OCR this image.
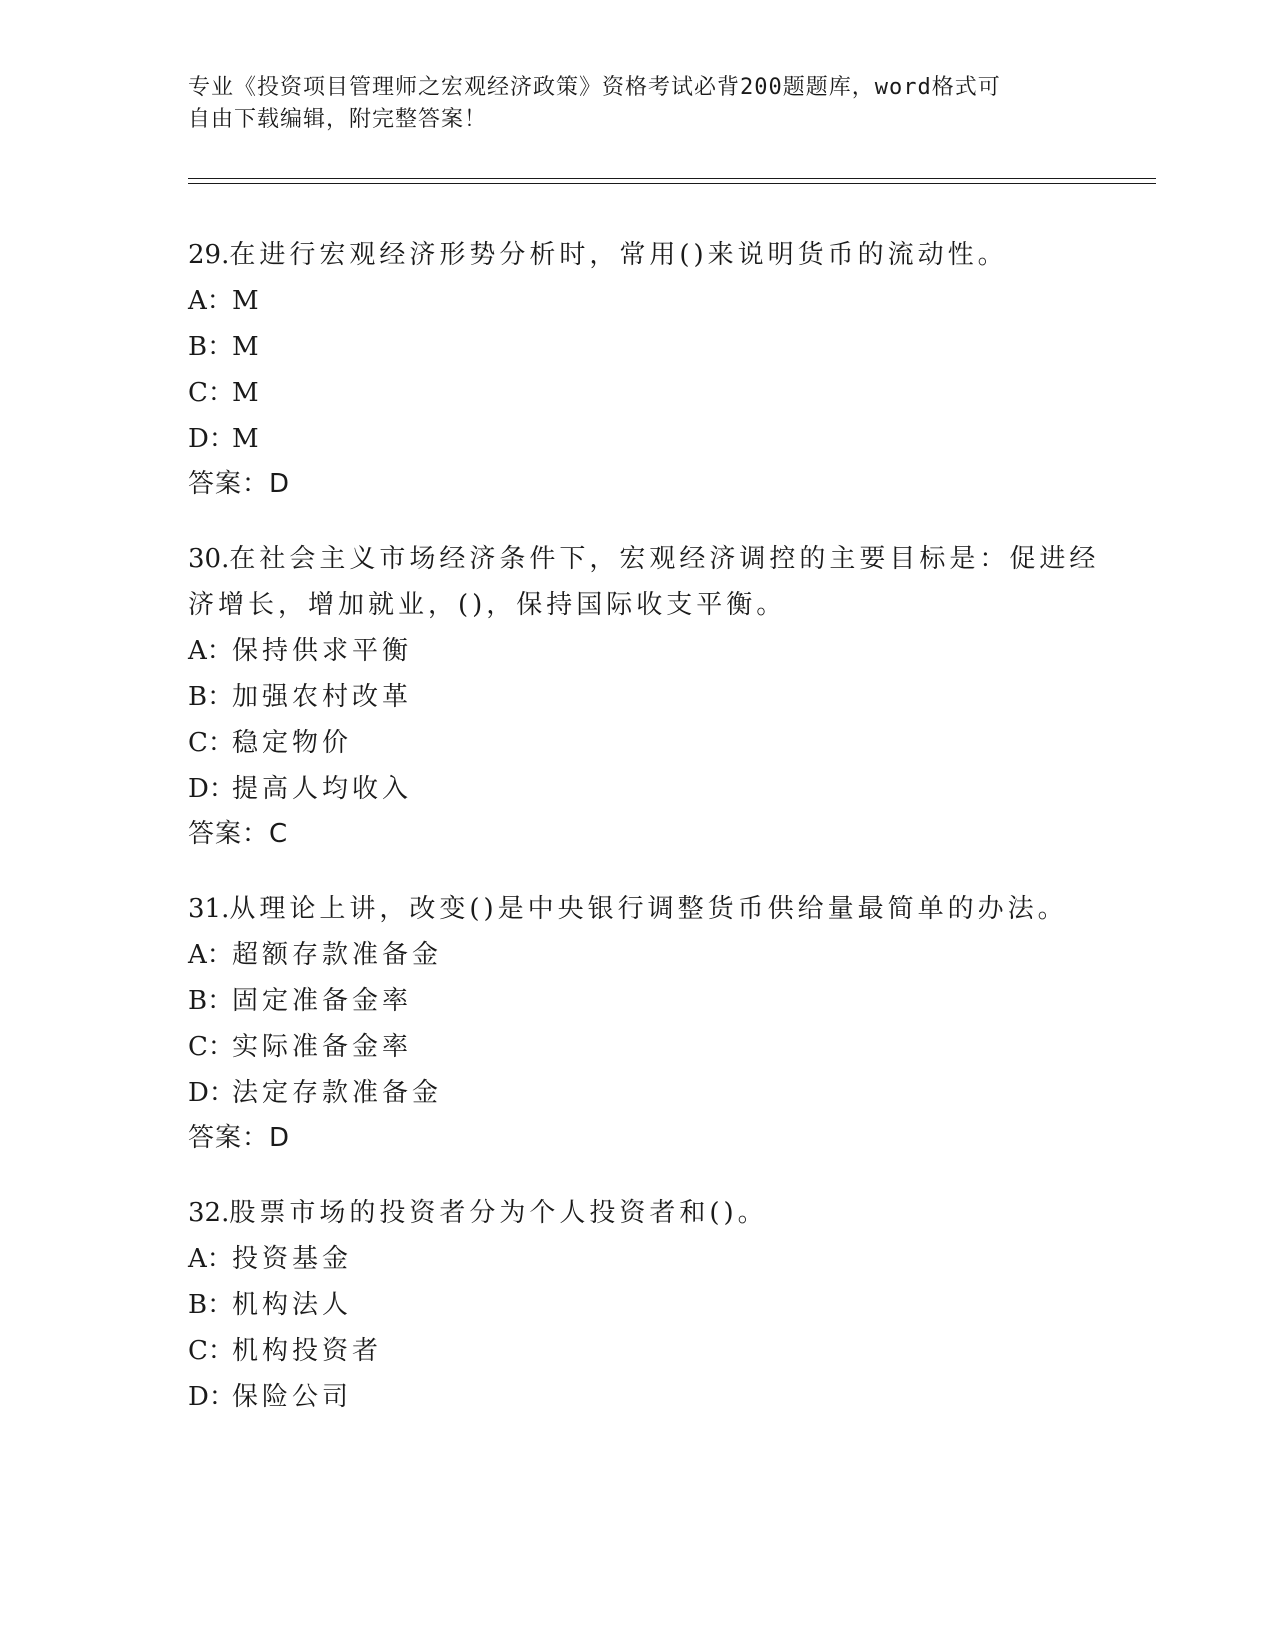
专业《投资项目管理师之宏观经济政策》资格考试必背200题题库，word格式可
自由下载编辑，附完整答案！
29.在进行宏观经济形势分析时，常用()来说明货币的流动性。
A：M
B：M
C：M
D：M
答案：D
30.在社会主义市场经济条件下，宏观经济调控的主要目标是：促进经
济增长，增加就业，()，保持国际收支平衡。
A：保持供求平衡
B：加强农村改革
C：稳定物价
D：提高人均收入
答案：C
31.从理论上讲，改变()是中央银行调整货币供给量最简单的办法。
A：超额存款准备金
B：固定准备金率
C：实际准备金率
D：法定存款准备金
答案：D
32.股票市场的投资者分为个人投资者和()。
A：投资基金
B：机构法人
C：机构投资者
D：保险公司
